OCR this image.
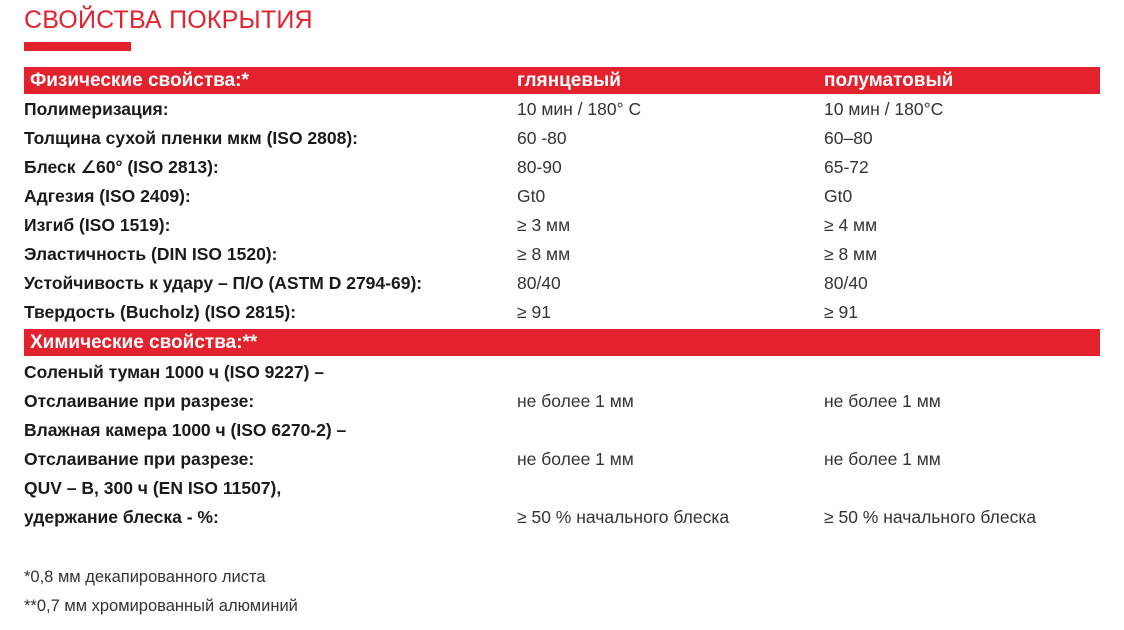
СВОЙСТВА ПОКРЫТИЯ
Физические свойства:*	глянцевый	полуматовый
Полимеризация:	10 мин / 180° C	10 мин / 180°C
Толщина сухой пленки мкм (ISO 2808):	60 -80	60–80
Блеск ∠60° (ISO 2813):	80-90	65-72
Адгезия (ISO 2409):	Gt0	Gt0
Изгиб (ISO 1519):	≥ 3 мм	≥ 4 мм
Эластичность (DIN ISO 1520):	≥ 8 мм	≥ 8 мм
Устойчивость к удару – П/О (ASTM D 2794-69):	80/40	80/40
Твердость (Bucholz) (ISO 2815):	≥ 91	≥ 91
Химические свойства:**
Соленый туман 1000 ч (ISO 9227) –
Отслаивание при разрезе:	не более 1 мм	не более 1 мм
Влажная камера 1000 ч (ISO 6270-2) –
Отслаивание при разрезе:	не более 1 мм	не более 1 мм
QUV – B, 300 ч (EN ISO 11507),
удержание блеска - %:	≥ 50 % начального блеска	≥ 50 % начального блеска
*0,8 мм декапированного листа
**0,7 мм хромированный алюминий
